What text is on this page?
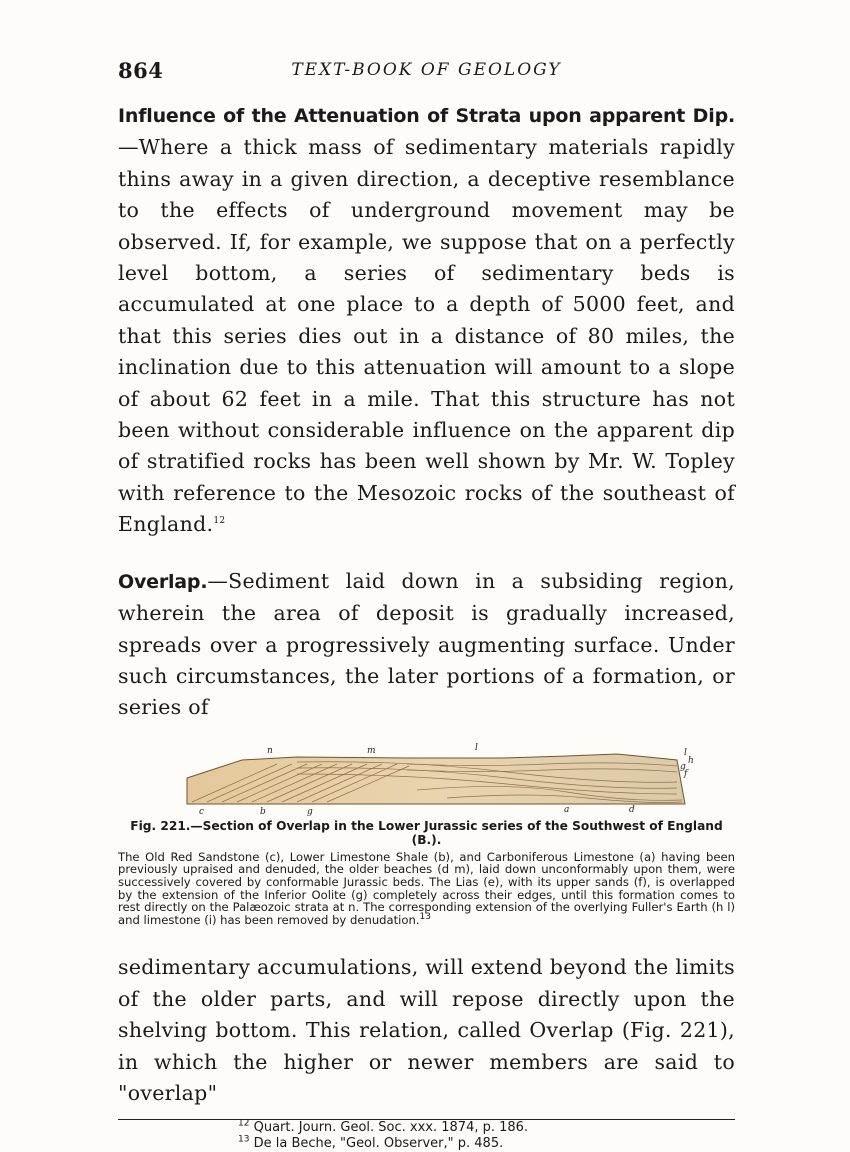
864	TEXT-BOOK OF GEOLOGY

Influence of the Attenuation of Strata upon apparent Dip.—Where a thick mass of sedimentary materials rapidly thins away in a given direction, a deceptive resemblance to the effects of underground movement may be observed. If, for example, we suppose that on a perfectly level bottom, a series of sedimentary beds is accumulated at one place to a depth of 5000 feet, and that this series dies out in a distance of 80 miles, the inclination due to this attenuation will amount to a slope of about 62 feet in a mile. That this structure has not been without considerable influence on the apparent dip of stratified rocks has been well shown by Mr. W. Topley with reference to the Mesozoic rocks of the southeast of England.$^{12}$

Overlap.—Sediment laid down in a subsiding region, wherein the area of deposit is gradually increased, spreads over a progressively augmenting surface. Under such circumstances, the later portions of a formation, or series of

n	m	l	l
h
g
f
c	b	g	a	d
Fig. 221.—Section of Overlap in the Lower Jurassic series of the Southwest of England (B.).
The Old Red Sandstone (c), Lower Limestone Shale (b), and Carboniferous Limestone (a) having been previously upraised and denuded, the older beaches (d m), laid down unconformably upon them, were successively covered by conformable Jurassic beds. The Lias (e), with its upper sands (f), is overlapped by the extension of the Inferior Oolite (g) completely across their edges, until this formation comes to rest directly on the Palæozoic strata at n. The corresponding extension of the overlying Fuller's Earth (h l) and limestone (i) has been removed by denudation.$^{13}$

sedimentary accumulations, will extend beyond the limits of the older parts, and will repose directly upon the shelving bottom. This relation, called Overlap (Fig. 221), in which the higher or newer members are said to "overlap"

$^{12}$ Quart. Journ. Geol. Soc. xxx. 1874, p. 186.
$^{13}$ De la Beche, "Geol. Observer," p. 485.
